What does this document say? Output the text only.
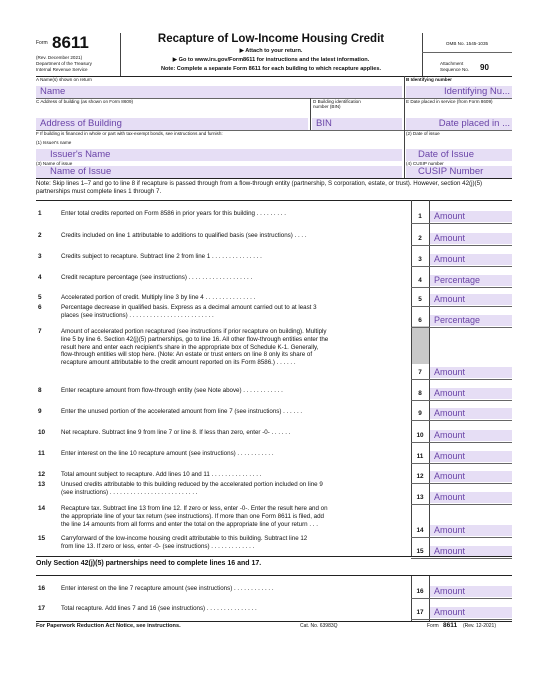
Form 8611
(Rev. December 2021)
Department of the Treasury
Internal Revenue Service
Recapture of Low-Income Housing Credit
▶ Attach to your return.
▶ Go to www.irs.gov/Form8611 for instructions and the latest information.
Note: Complete a separate Form 8611 for each building to which recapture applies.
OMB No. 1545-1035
Attachment
Sequence No. 90
A Name(s) shown on return
Name
B Identifying number
Identifying Nu...
C Address of building (as shown on Form 8609)
Address of Building
D Building identification number (BIN)
BIN
E Date placed in service (from Form 8609)
Date placed in ...
F If building is financed in whole or part with tax-exempt bonds, see instructions and furnish:	(2) Date of issue
(1) Issuer's name
Issuer's Name	Date of Issue
(3) Name of issue
Name of Issue
(4) CUSIP number
CUSIP Number
Note: Skip lines 1–7 and go to line 8 if recapture is passed through from a flow-through entity (partnership, S corporation, estate, or trust). However, section 42(j)(5) partnerships must complete lines 1 through 7.
1	Enter total credits reported on Form 8586 in prior years for this building . . . . . . . . .	1	Amount
2	Credits included on line 1 attributable to additions to qualified basis (see instructions) . . . .	2	Amount
3	Credits subject to recapture. Subtract line 2 from line 1 . . . . . . . . . . . . . . .	3	Amount
4	Credit recapture percentage (see instructions) . . . . . . . . . . . . . . . . . . .	4	Percentage
5	Accelerated portion of credit. Multiply line 3 by line 4 . . . . . . . . . . . . . . .	5	Amount
6	Percentage decrease in qualified basis. Express as a decimal amount carried out to at least 3
places (see instructions) . . . . . . . . . . . . . . . . . . . . . . . . .
6	Percentage
7	Amount of accelerated portion recaptured (see instructions if prior recapture on building). Multiply
line 5 by line 6. Section 42(j)(5) partnerships, go to line 16. All other flow-through entities enter the
result here and enter each recipient's share in the appropriate box of Schedule K-1. Generally,
flow-through entities will stop here. (Note: An estate or trust enters on line 8 only its share of
recapture amount attributable to the credit amount reported on its Form 8586.) . . . . . .
7	Amount
8	Enter recapture amount from flow-through entity (see Note above) . . . . . . . . . . . .	8	Amount
9	Enter the unused portion of the accelerated amount from line 7 (see instructions) . . . . . .	9	Amount
10	Net recapture. Subtract line 9 from line 7 or line 8. If less than zero, enter -0- . . . . . .	10	Amount
11	Enter interest on the line 10 recapture amount (see instructions) . . . . . . . . . . .	11	Amount
12	Total amount subject to recapture. Add lines 10 and 11 . . . . . . . . . . . . . . .	12	Amount
13	Unused credits attributable to this building reduced by the accelerated portion included on line 9
(see instructions) . . . . . . . . . . . . . . . . . . . . . . . . . .
13	Amount
14	Recapture tax. Subtract line 13 from line 12. If zero or less, enter -0-. Enter the result here and on
the appropriate line of your tax return (see instructions). If more than one Form 8611 is filed, add
the line 14 amounts from all forms and enter the total on the appropriate line of your return . . .
14	Amount
15	Carryforward of the low-income housing credit attributable to this building. Subtract line 12
from line 13. If zero or less, enter -0- (see instructions) . . . . . . . . . . . . .
15	Amount
16	Enter interest on the line 7 recapture amount (see instructions) . . . . . . . . . . . .	16	Amount
17	Total recapture. Add lines 7 and 16 (see instructions) . . . . . . . . . . . . . . .
17	Amount
Only Section 42(j)(5) partnerships need to complete lines 16 and 17.
For Paperwork Reduction Act Notice, see instructions.	Cat. No. 63983Q	Form 8611 (Rev. 12-2021)
